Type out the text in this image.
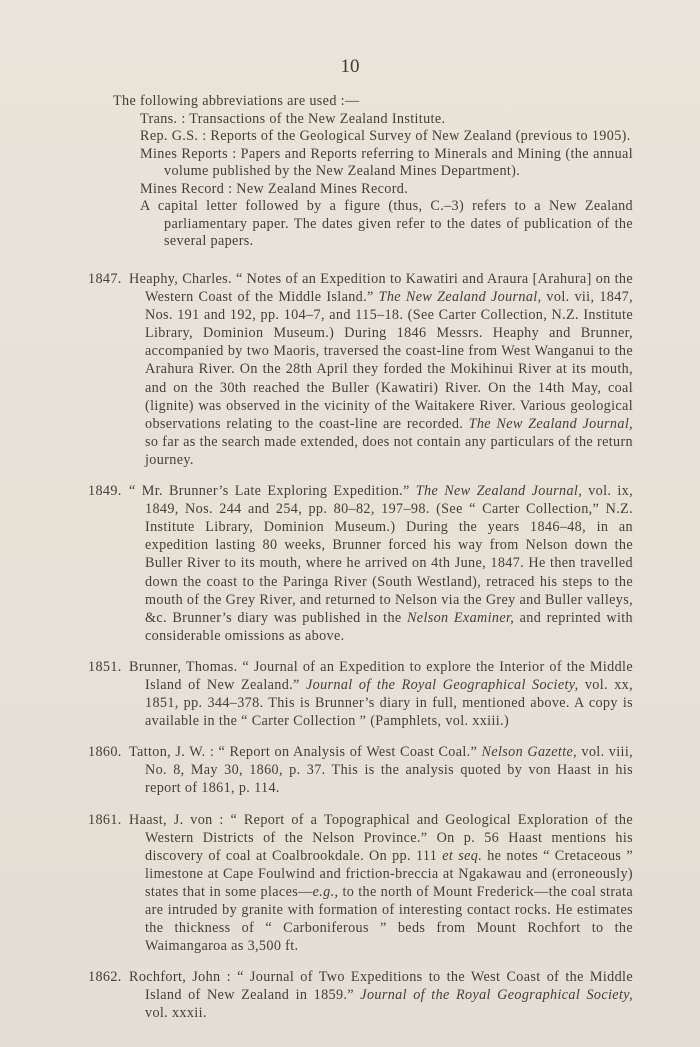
10

The following abbreviations are used :—

Trans. : Transactions of the New Zealand Institute.

Rep. G.S. : Reports of the Geological Survey of New Zealand (previous to 1905).

Mines Reports : Papers and Reports referring to Minerals and Mining (the annual volume published by the New Zealand Mines Department).

Mines Record : New Zealand Mines Record.

A capital letter followed by a figure (thus, C.–3) refers to a New Zealand parliamentary paper. The dates given refer to the dates of publication of the several papers.

1847. Heaphy, Charles. “ Notes of an Expedition to Kawatiri and Araura [Arahura] on the Western Coast of the Middle Island.” The New Zealand Journal, vol. vii, 1847, Nos. 191 and 192, pp. 104–7, and 115–18. (See Carter Collection, N.Z. Institute Library, Dominion Museum.) During 1846 Messrs. Heaphy and Brunner, accompanied by two Maoris, traversed the coast-line from West Wanganui to the Arahura River. On the 28th April they forded the Mokihinui River at its mouth, and on the 30th reached the Buller (Kawatiri) River. On the 14th May, coal (lignite) was observed in the vicinity of the Waitakere River. Various geological observations relating to the coast-line are recorded. The New Zealand Journal, so far as the search made extended, does not contain any particulars of the return journey.

1849. “ Mr. Brunner’s Late Exploring Expedition.” The New Zealand Journal, vol. ix, 1849, Nos. 244 and 254, pp. 80–82, 197–98. (See “ Carter Collection,” N.Z. Institute Library, Dominion Museum.) During the years 1846–48, in an expedition lasting 80 weeks, Brunner forced his way from Nelson down the Buller River to its mouth, where he arrived on 4th June, 1847. He then travelled down the coast to the Paringa River (South Westland), retraced his steps to the mouth of the Grey River, and returned to Nelson via the Grey and Buller valleys, &c. Brunner’s diary was published in the Nelson Examiner, and reprinted with considerable omissions as above.

1851. Brunner, Thomas. “ Journal of an Expedition to explore the Interior of the Middle Island of New Zealand.” Journal of the Royal Geographical Society, vol. xx, 1851, pp. 344–378. This is Brunner’s diary in full, mentioned above. A copy is available in the “ Carter Collection ” (Pamphlets, vol. xxiii.)

1860. Tatton, J. W. : “ Report on Analysis of West Coast Coal.” Nelson Gazette, vol. viii, No. 8, May 30, 1860, p. 37. This is the analysis quoted by von Haast in his report of 1861, p. 114.

1861. Haast, J. von : “ Report of a Topographical and Geological Exploration of the Western Districts of the Nelson Province.” On p. 56 Haast mentions his discovery of coal at Coalbrookdale. On pp. 111 et seq. he notes “ Cretaceous ” limestone at Cape Foulwind and friction-breccia at Ngakawau and (erroneously) states that in some places—e.g., to the north of Mount Frederick—the coal strata are intruded by granite with formation of interesting contact rocks. He estimates the thickness of “ Carboniferous ” beds from Mount Rochfort to the Waimangaroa as 3,500 ft.

1862. Rochfort, John : “ Journal of Two Expeditions to the West Coast of the Middle Island of New Zealand in 1859.” Journal of the Royal Geographical Society, vol. xxxii.
